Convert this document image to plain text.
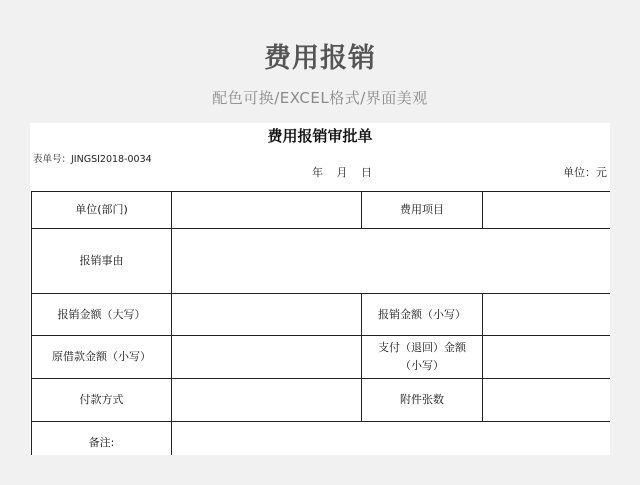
费用报销
配色可换/EXCEL格式/界面美观
费用报销审批单
表单号：JINGSI2018-0034
年 月 日	单位：元
单位(部门)		费用项目	
报销事由			
报销金额（大写）		报销金额（小写）	
原借款金额（小写）		支付（退回）金额（小写）	
付款方式		附件张数	
备注:			
